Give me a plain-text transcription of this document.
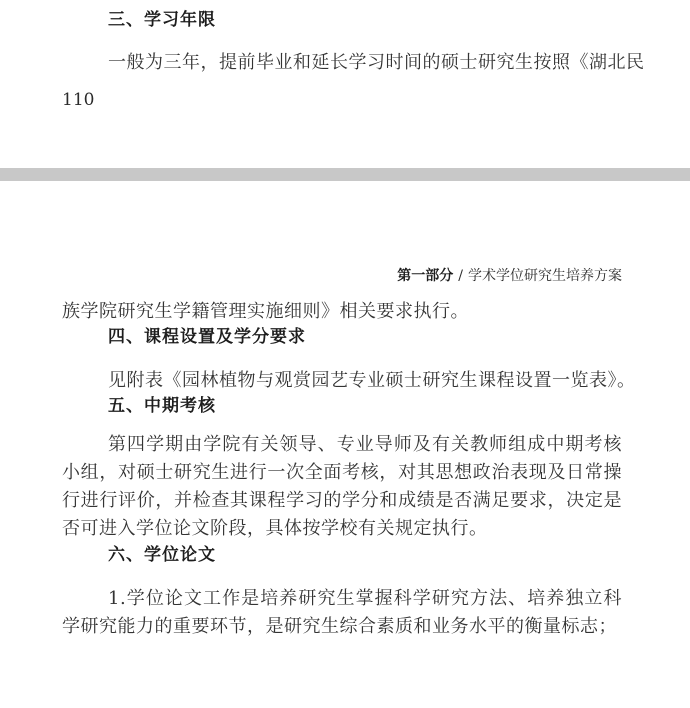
三、学习年限

一般为三年，提前毕业和延长学习时间的硕士研究生按照《湖北民

110
第一部分 / 学术学位研究生培养方案

族学院研究生学籍管理实施细则》相关要求执行。

四、课程设置及学分要求

见附表《园林植物与观赏园艺专业硕士研究生课程设置一览表》。

五、中期考核

第四学期由学院有关领导、专业导师及有关教师组成中期考核小组，对硕士研究生进行一次全面考核，对其思想政治表现及日常操行进行评价，并检查其课程学习的学分和成绩是否满足要求，决定是否可进入学位论文阶段，具体按学校有关规定执行。

六、学位论文

1.学位论文工作是培养研究生掌握科学研究方法、培养独立科学研究能力的重要环节，是研究生综合素质和业务水平的衡量标志；
